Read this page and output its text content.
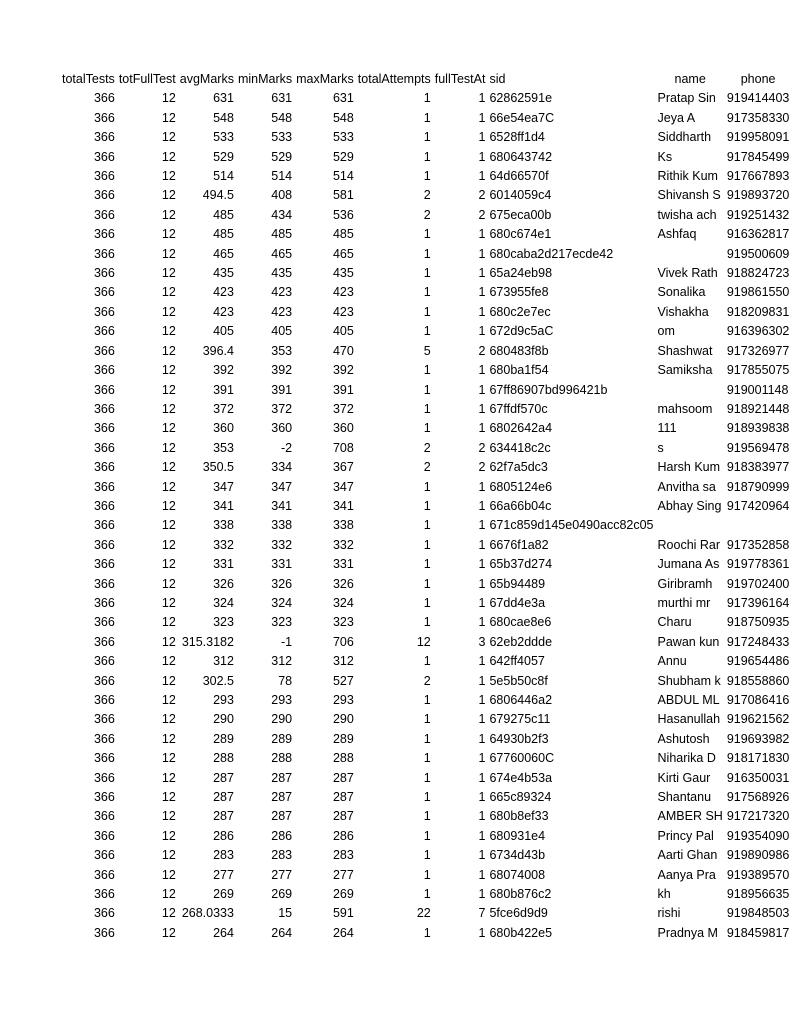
totalTests	totFullTest	avgMarks	minMarks	maxMarks	totalAttempts	fullTestAt	sid	name	phone
366	12	631	631	631	1	1	62862591e	Pratap Sin	919414403
366	12	548	548	548	1	1	66e54ea7C	Jeya A	917358330
366	12	533	533	533	1	1	6528ff1d4	Siddharth	919958091
366	12	529	529	529	1	1	680643742	Ks	917845499
366	12	514	514	514	1	1	64d66570f	Rithik Kum	917667893
366	12	494.5	408	581	2	2	6014059c4	Shivansh S	919893720
366	12	485	434	536	2	2	675eca00b	twisha ach	919251432
366	12	485	485	485	1	1	680c674e1	Ashfaq	916362817
366	12	465	465	465	1	1	680caba2d217ecde42		919500609
366	12	435	435	435	1	1	65a24eb98	Vivek Rath	918824723
366	12	423	423	423	1	1	673955fe8	Sonalika	919861550
366	12	423	423	423	1	1	680c2e7ec	Vishakha	918209831
366	12	405	405	405	1	1	672d9c5aC	om	916396302
366	12	396.4	353	470	5	2	680483f8b	Shashwat	917326977
366	12	392	392	392	1	1	680ba1f54	Samiksha	917855075
366	12	391	391	391	1	1	67ff86907bd996421b		919001148
366	12	372	372	372	1	1	67ffdf570c	mahsoom	918921448
366	12	360	360	360	1	1	6802642a4	111	918939838
366	12	353	-2	708	2	2	634418c2c	s	919569478
366	12	350.5	334	367	2	2	62f7a5dc3	Harsh Kum	918383977
366	12	347	347	347	1	1	6805124e6	Anvitha sa	918790999
366	12	341	341	341	1	1	66a66b04c	Abhay Sing	917420964
366	12	338	338	338	1	1	671c859d145e0490acc82c05		
366	12	332	332	332	1	1	6676f1a82	Roochi Rar	917352858
366	12	331	331	331	1	1	65b37d274	Jumana As	919778361
366	12	326	326	326	1	1	65b94489	Giribramh	919702400
366	12	324	324	324	1	1	67dd4e3a	murthi mr	917396164
366	12	323	323	323	1	1	680cae8e6	Charu	918750935
366	12	315.3182	-1	706	12	3	62eb2ddde	Pawan kun	917248433
366	12	312	312	312	1	1	642ff4057	Annu	919654486
366	12	302.5	78	527	2	1	5e5b50c8f	Shubham k	918558860
366	12	293	293	293	1	1	6806446a2	ABDUL ML	917086416
366	12	290	290	290	1	1	679275c11	Hasanullah	919621562
366	12	289	289	289	1	1	64930b2f3	Ashutosh	919693982
366	12	288	288	288	1	1	67760060C	Niharika D	918171830
366	12	287	287	287	1	1	674e4b53a	Kirti Gaur	916350031
366	12	287	287	287	1	1	665c89324	Shantanu	917568926
366	12	287	287	287	1	1	680b8ef33	AMBER SH	917217320
366	12	286	286	286	1	1	680931e4	Princy Pal	919354090
366	12	283	283	283	1	1	6734d43b	Aarti Ghan	919890986
366	12	277	277	277	1	1	68074008	Aanya Pra	919389570
366	12	269	269	269	1	1	680b876c2	kh	918956635
366	12	268.0333	15	591	22	7	5fce6d9d9	rishi	919848503
366	12	264	264	264	1	1	680b422e5	Pradnya M	918459817
